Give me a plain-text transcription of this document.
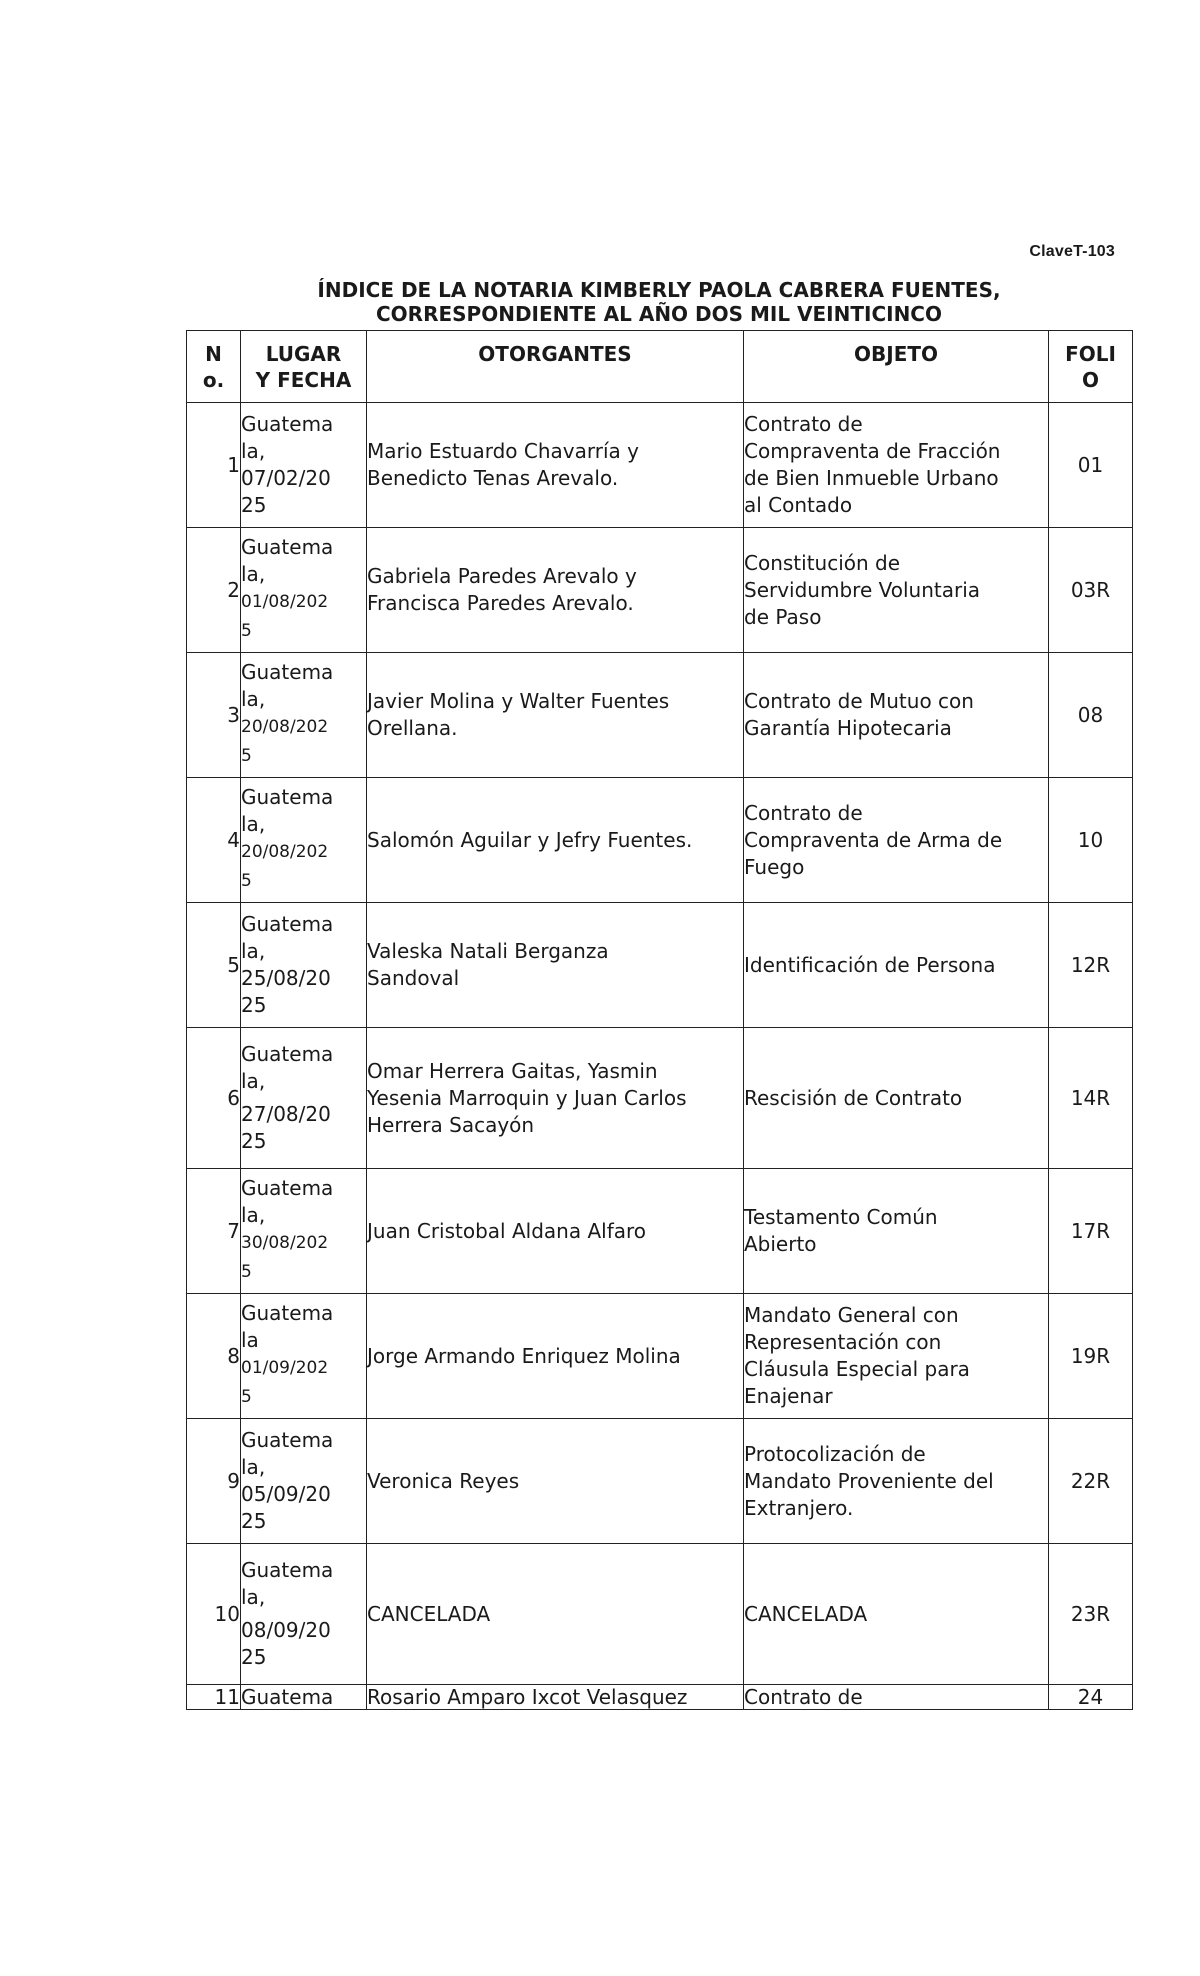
ClaveT-103
ÍNDICE DE LA NOTARIA KIMBERLY PAOLA CABRERA FUENTES,

CORRESPONDIENTE AL AÑO DOS MIL VEINTICINCO
N
o.	LUGAR
Y FECHA	OTORGANTES	OBJETO	FOLI
O
1	Guatema
la,
07/02/20
25	Mario Estuardo Chavarría y
Benedicto Tenas Arevalo.	Contrato de
Compraventa de Fracción
de Bien Inmueble Urbano
al Contado	01
2	Guatema
la,
01/08/202
5	Gabriela Paredes Arevalo y
Francisca Paredes Arevalo.	Constitución de
Servidumbre Voluntaria
de Paso	03R
3	Guatema
la,
20/08/202
5	Javier Molina y Walter Fuentes
Orellana.	Contrato de Mutuo con
Garantía Hipotecaria	08
4	Guatema
la,
20/08/202
5	Salomón Aguilar y Jefry Fuentes.	Contrato de
Compraventa de Arma de
Fuego	10
5	Guatema
la,
25/08/20
25	Valeska Natali Berganza
Sandoval	Identificación de Persona	12R
6	Guatema
la,
27/08/20
25	Omar Herrera Gaitas, Yasmin
Yesenia Marroquin y Juan Carlos
Herrera Sacayón	Rescisión de Contrato	14R
7	Guatema
la,
30/08/202
5	Juan Cristobal Aldana Alfaro	Testamento Común
Abierto	17R
8	Guatema
la
01/09/202
5	Jorge Armando Enriquez Molina	Mandato General con
Representación con
Cláusula Especial para
Enajenar	19R
9	Guatema
la,
05/09/20
25	Veronica Reyes	Protocolización de
Mandato Proveniente del
Extranjero.	22R
10	Guatema
la,
08/09/20
25	CANCELADA	CANCELADA	23R
11	Guatema	Rosario Amparo Ixcot Velasquez	Contrato de	24
